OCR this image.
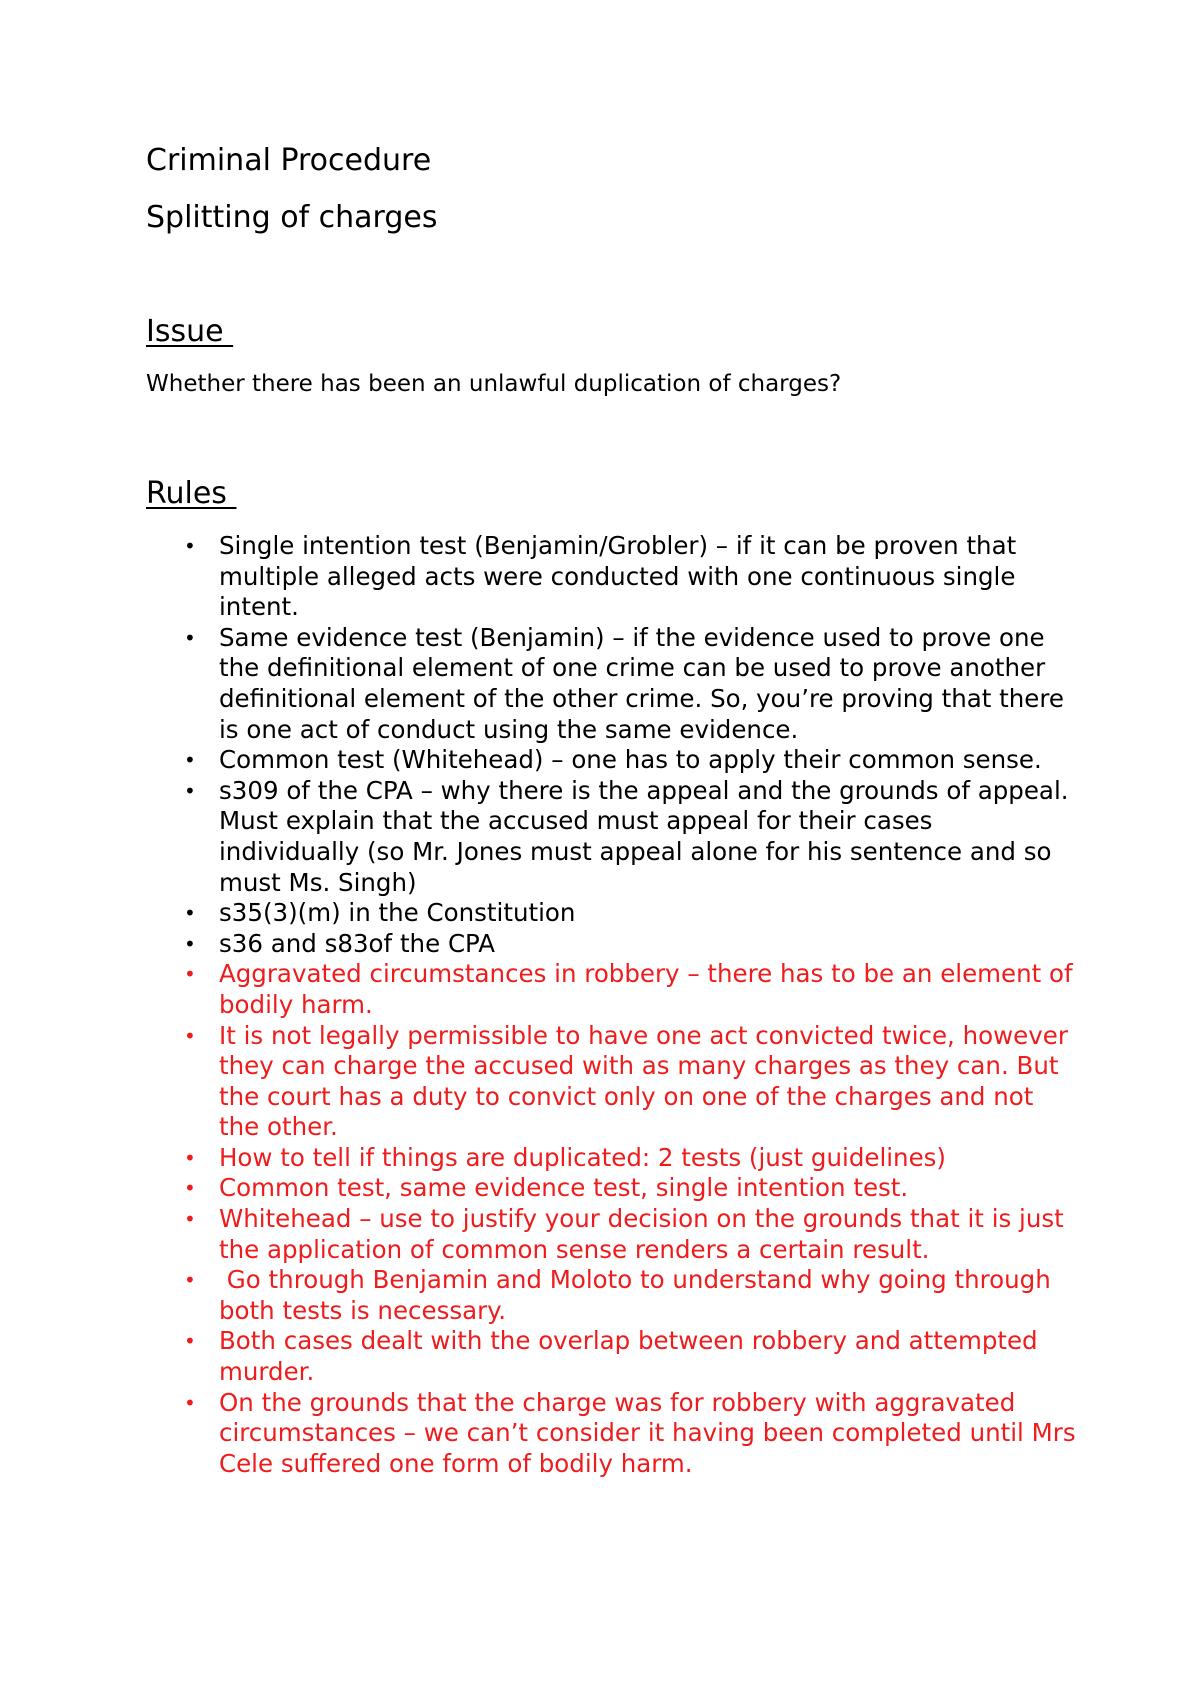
Criminal Procedure
Splitting of charges
Issue

Whether there has been an unlawful duplication of charges?

Rules
• Single intention test (Benjamin/Grobler) – if it can be proven that multiple alleged acts were conducted with one continuous single intent.
• Same evidence test (Benjamin) – if the evidence used to prove one the definitional element of one crime can be used to prove another definitional element of the other crime. So, you’re proving that there is one act of conduct using the same evidence.
• Common test (Whitehead) – one has to apply their common sense.
• s309 of the CPA – why there is the appeal and the grounds of appeal. Must explain that the accused must appeal for their cases individually (so Mr. Jones must appeal alone for his sentence and so must Ms. Singh)
• s35(3)(m) in the Constitution
• s36 and s83of the CPA
• Aggravated circumstances in robbery – there has to be an element of bodily harm.
• It is not legally permissible to have one act convicted twice, however they can charge the accused with as many charges as they can. But the court has a duty to convict only on one of the charges and not the other.
• How to tell if things are duplicated: 2 tests (just guidelines)
• Common test, same evidence test, single intention test.
• Whitehead – use to justify your decision on the grounds that it is just the application of common sense renders a certain result.
• Go through Benjamin and Moloto to understand why going through both tests is necessary.
• Both cases dealt with the overlap between robbery and attempted murder.
• On the grounds that the charge was for robbery with aggravated circumstances – we can’t consider it having been completed until Mrs Cele suffered one form of bodily harm.
